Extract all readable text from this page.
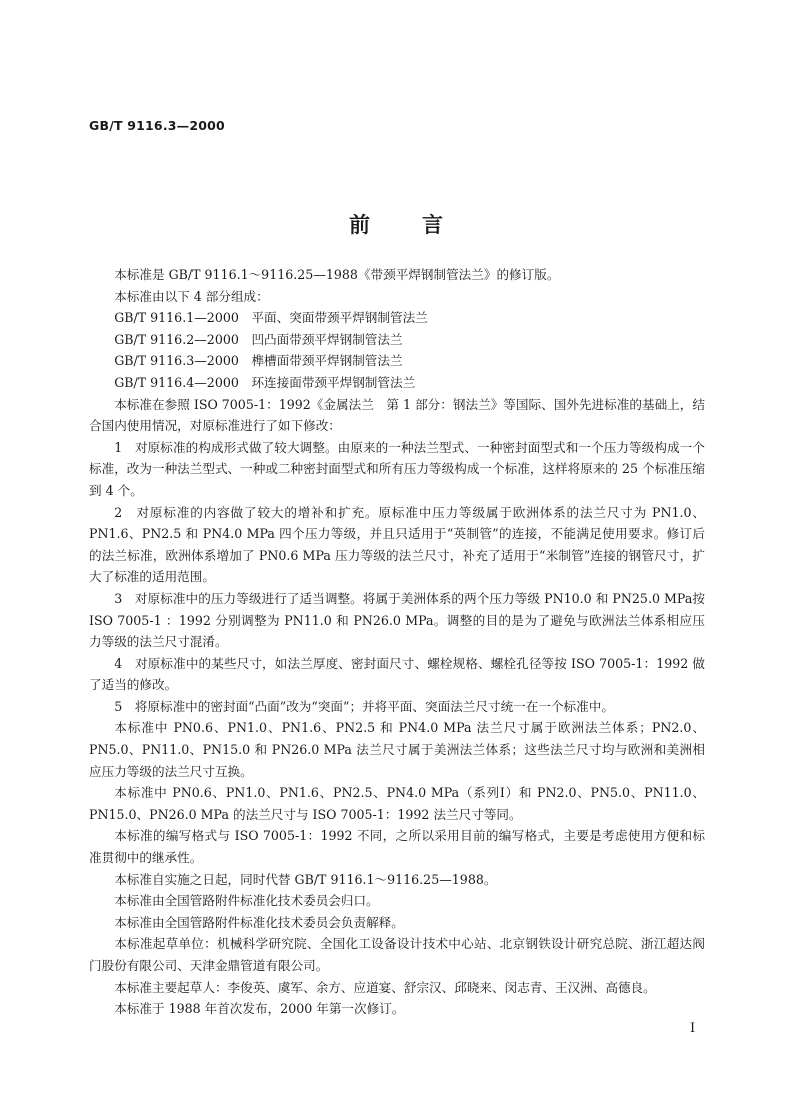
GB/T 9116.3—2000
前 言

本标准是 GB/T 9116.1～9116.25—1988《带颈平焊钢制管法兰》的修订版。

本标准由以下 4 部分组成：

GB/T 9116.1—2000　平面、突面带颈平焊钢制管法兰

GB/T 9116.2—2000　凹凸面带颈平焊钢制管法兰

GB/T 9116.3—2000　榫槽面带颈平焊钢制管法兰

GB/T 9116.4—2000　环连接面带颈平焊钢制管法兰

本标准在参照 ISO 7005-1：1992《金属法兰　第 1 部分：钢法兰》等国际、国外先进标准的基础上，结合国内使用情况，对原标准进行了如下修改：

1　对原标准的构成形式做了较大调整。由原来的一种法兰型式、一种密封面型式和一个压力等级构成一个标准，改为一种法兰型式、一种或二种密封面型式和所有压力等级构成一个标准，这样将原来的 25 个标准压缩到 4 个。

2　对原标准的内容做了较大的增补和扩充。原标准中压力等级属于欧洲体系的法兰尺寸为 PN1.0、PN1.6、PN2.5 和 PN4.0 MPa 四个压力等级，并且只适用于“英制管”的连接，不能满足使用要求。修订后的法兰标准，欧洲体系增加了 PN0.6 MPa 压力等级的法兰尺寸，补充了适用于“米制管”连接的钢管尺寸，扩大了标准的适用范围。

3　对原标准中的压力等级进行了适当调整。将属于美洲体系的两个压力等级 PN10.0 和 PN25.0 MPa按 ISO 7005-1 ：1992 分别调整为 PN11.0 和 PN26.0 MPa。调整的目的是为了避免与欧洲法兰体系相应压力等级的法兰尺寸混淆。

4　对原标准中的某些尺寸，如法兰厚度、密封面尺寸、螺栓规格、螺栓孔径等按 ISO 7005-1：1992 做了适当的修改。

5　将原标准中的密封面“凸面”改为“突面”；并将平面、突面法兰尺寸统一在一个标准中。

本标准中 PN0.6、PN1.0、PN1.6、PN2.5 和 PN4.0 MPa 法兰尺寸属于欧洲法兰体系；PN2.0、PN5.0、PN11.0、PN15.0 和 PN26.0 MPa 法兰尺寸属于美洲法兰体系；这些法兰尺寸均与欧洲和美洲相应压力等级的法兰尺寸互换。

本标准中 PN0.6、PN1.0、PN1.6、PN2.5、PN4.0 MPa（系列Ⅰ）和 PN2.0、PN5.0、PN11.0、PN15.0、PN26.0 MPa 的法兰尺寸与 ISO 7005-1：1992 法兰尺寸等同。

本标准的编写格式与 ISO 7005-1：1992 不同，之所以采用目前的编写格式，主要是考虑使用方便和标准贯彻中的继承性。

本标准自实施之日起，同时代替 GB/T 9116.1～9116.25—1988。

本标准由全国管路附件标准化技术委员会归口。

本标准由全国管路附件标准化技术委员会负责解释。

本标准起草单位：机械科学研究院、全国化工设备设计技术中心站、北京钢铁设计研究总院、浙江超达阀门股份有限公司、天津金鼎管道有限公司。

本标准主要起草人：李俊英、虞军、余方、应道宴、舒宗汉、邱晓来、闵志青、王汉洲、高德良。

本标准于 1988 年首次发布，2000 年第一次修订。

I
